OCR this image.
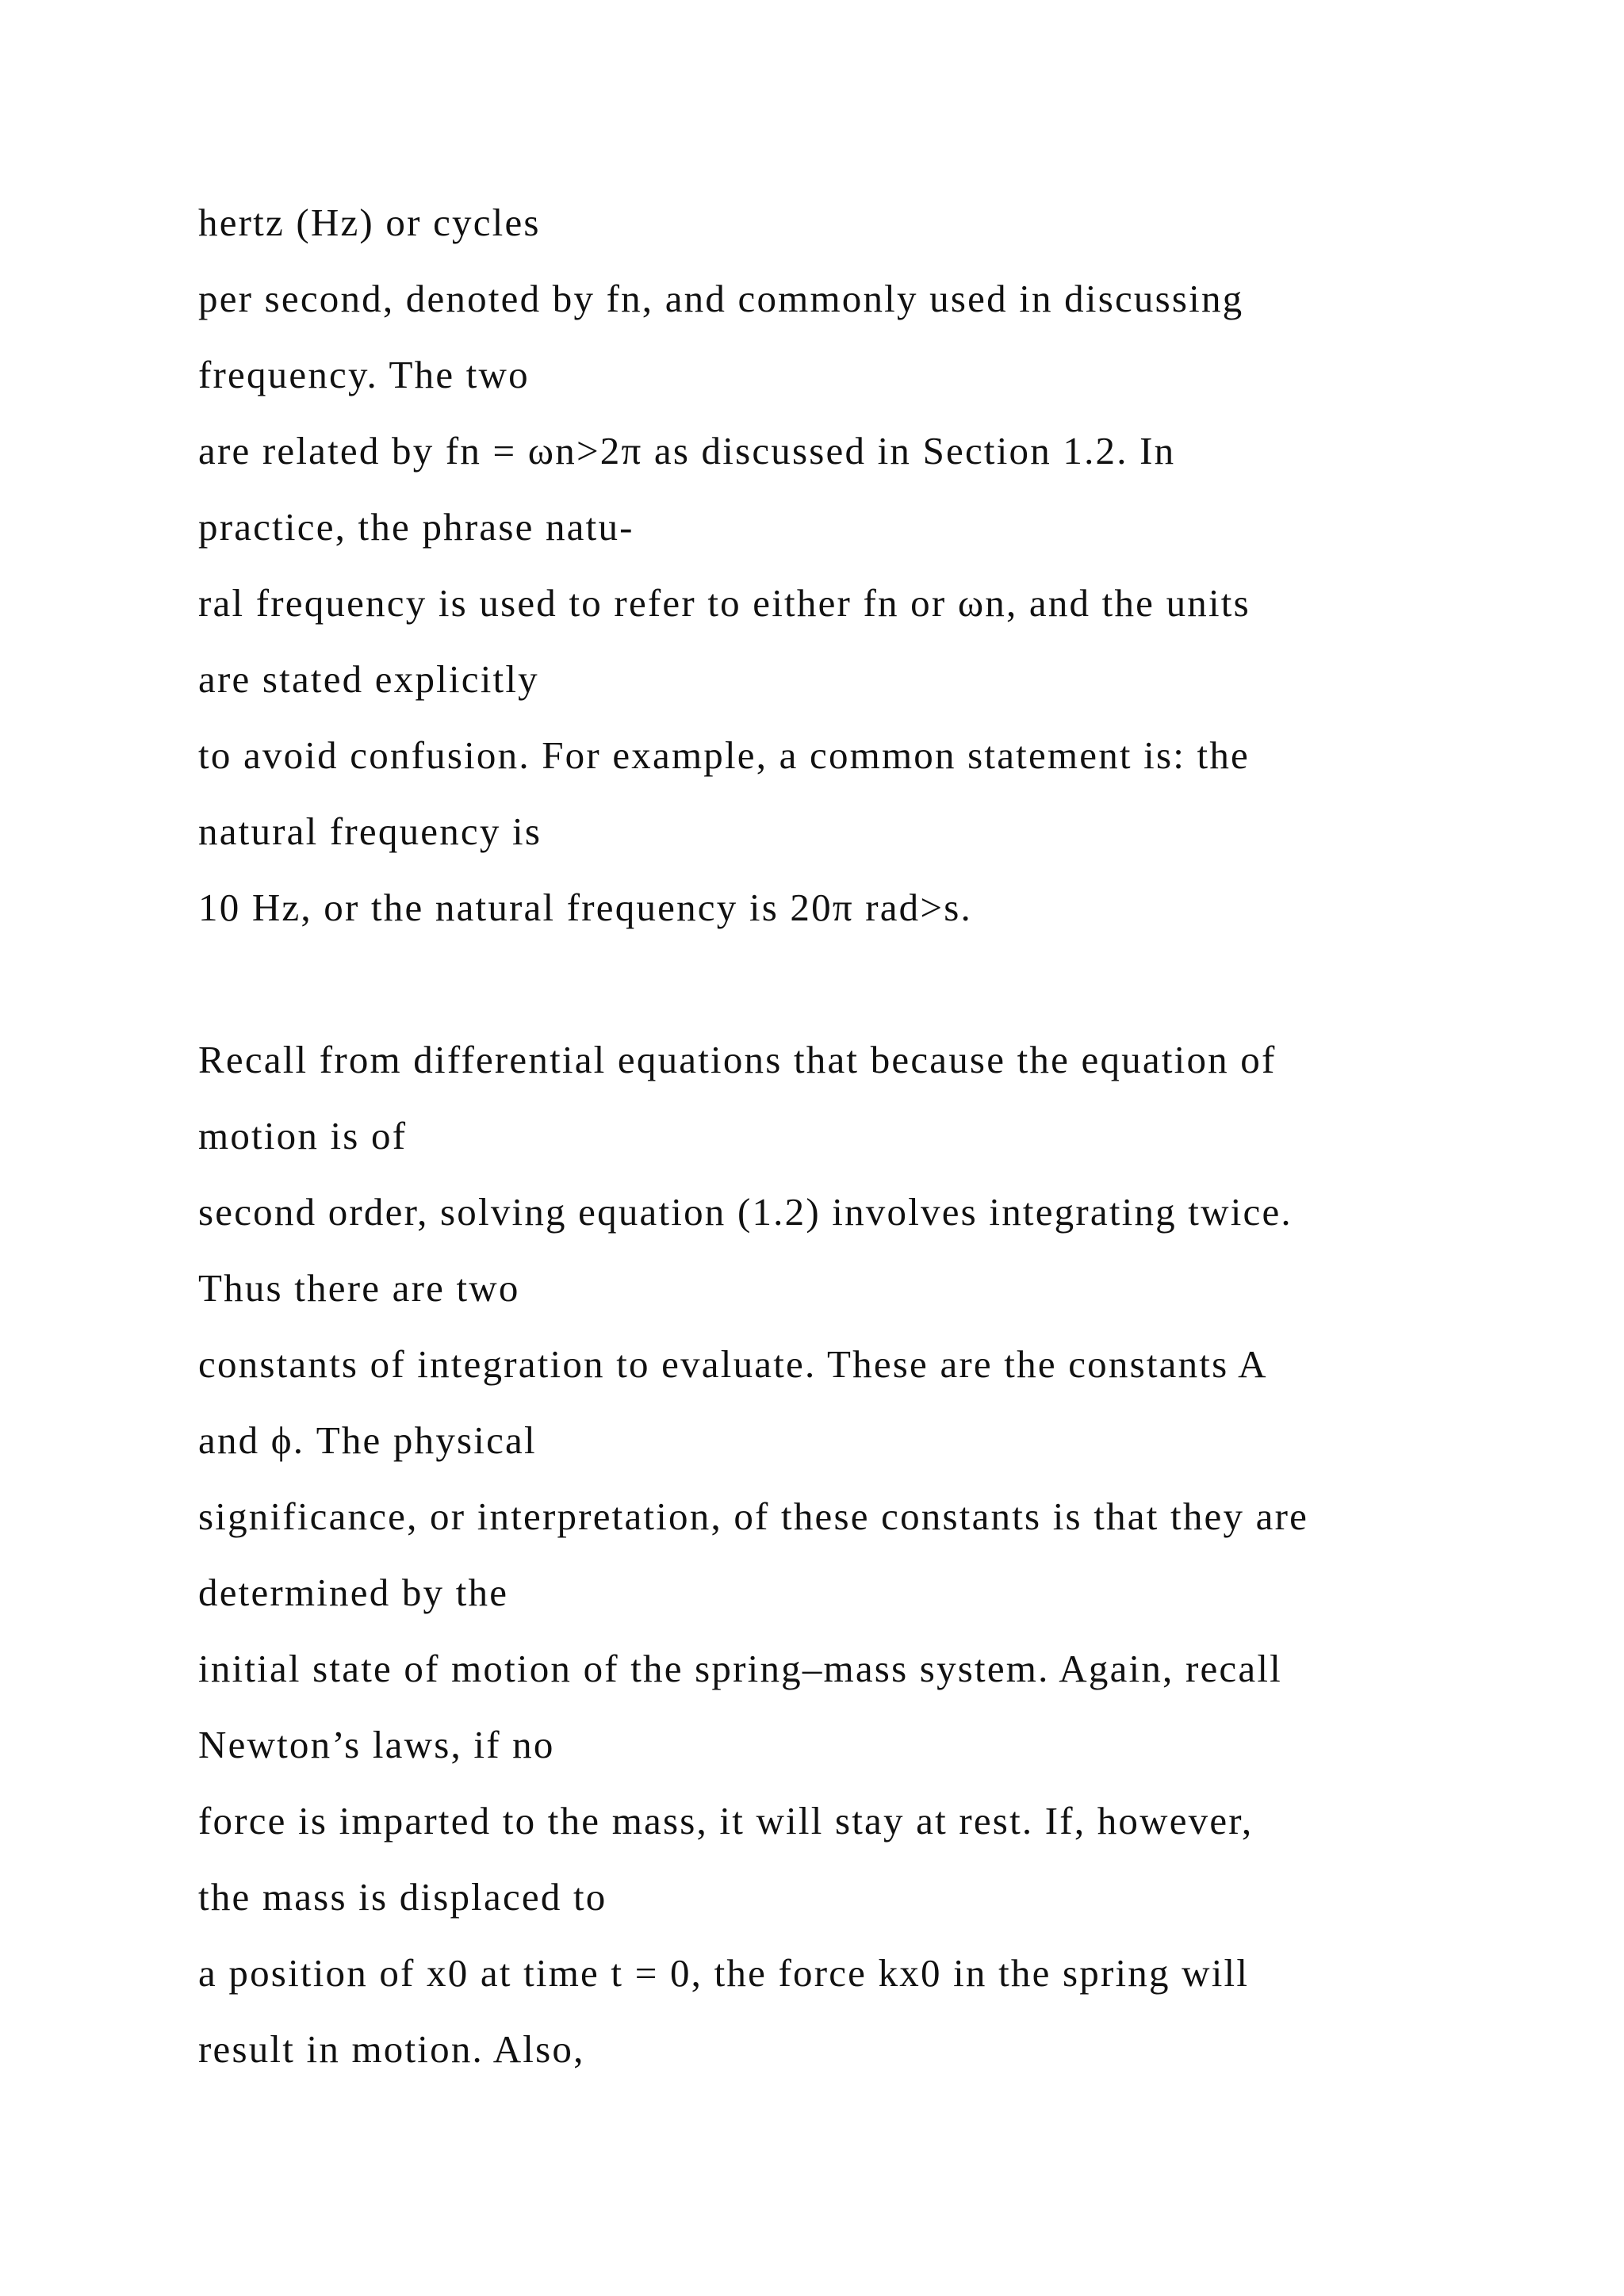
hertz (Hz) or cycles
per second, denoted by fn, and commonly used in discussing
frequency. The two
are related by fn = ωn>2π as discussed in Section 1.2. In
practice, the phrase natu-
ral frequency is used to refer to either fn or ωn, and the units
are stated explicitly
to avoid confusion. For example, a common statement is: the
natural frequency is
10 Hz, or the natural frequency is 20π rad>s.
Recall from differential equations that because the equation of
motion is of
second order, solving equation (1.2) involves integrating twice.
Thus there are two
constants of integration to evaluate. These are the constants A
and ϕ. The physical
significance, or interpretation, of these constants is that they are
determined by the
initial state of motion of the spring–mass system. Again, recall
Newton’s laws, if no
force is imparted to the mass, it will stay at rest. If, however,
the mass is displaced to
a position of x0 at time t = 0, the force kx0 in the spring will
result in motion. Also,
